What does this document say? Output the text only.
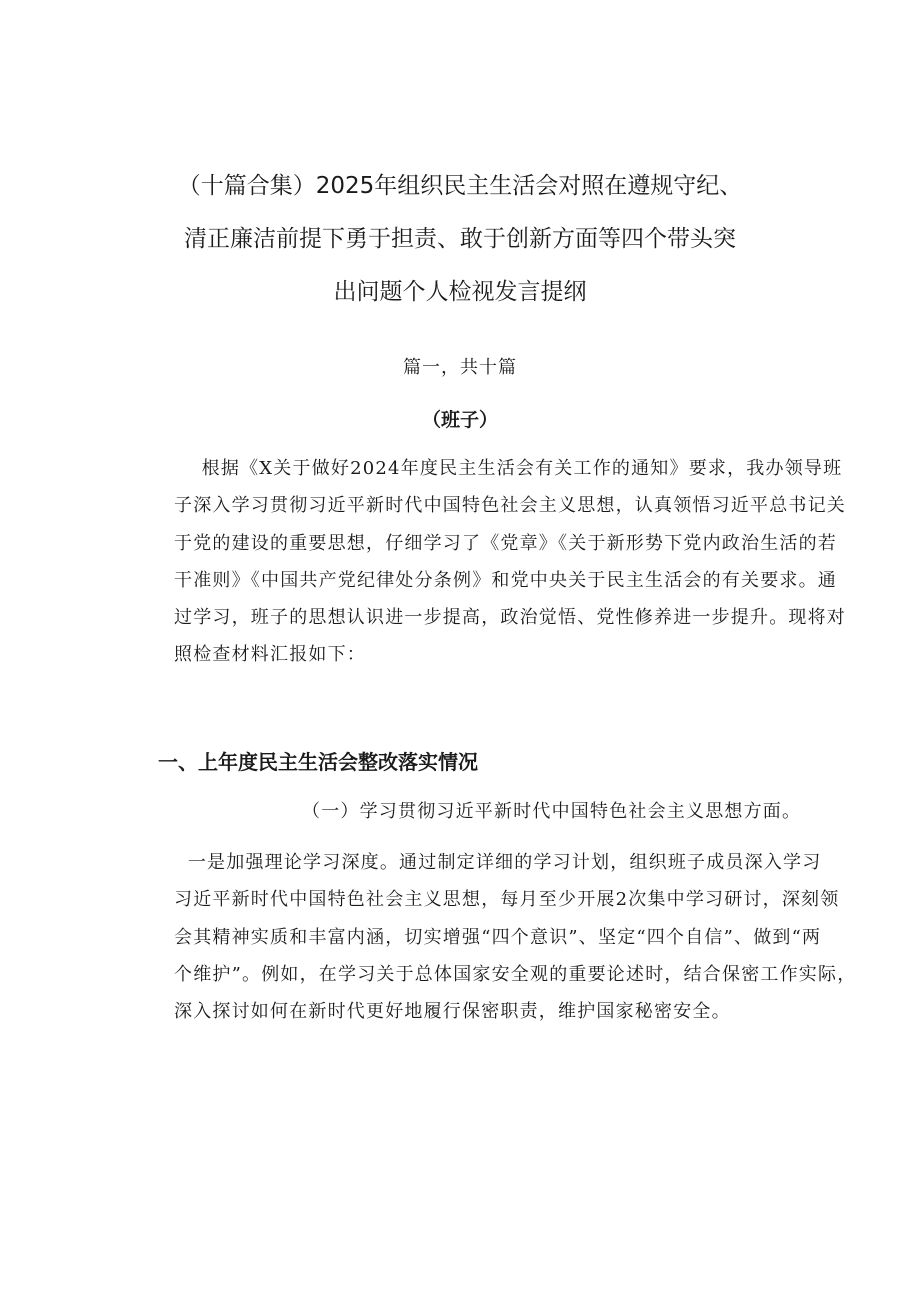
（十篇合集）2025年组织民主生活会对照在遵规守纪、
清正廉洁前提下勇于担责、敢于创新方面等四个带头突
出问题个人检视发言提纲
篇一，共十篇
（班子）
根据《X关于做好2024年度民主生活会有关工作的通知》要求，我办领导班
子深入学习贯彻习近平新时代中国特色社会主义思想，认真领悟习近平总书记关
于党的建设的重要思想，仔细学习了《党章》《关于新形势下党内政治生活的若
干准则》《中国共产党纪律处分条例》和党中央关于民主生活会的有关要求。通
过学习，班子的思想认识进一步提高，政治觉悟、党性修养进一步提升。现将对
照检查材料汇报如下：
一、上年度民主生活会整改落实情况
（一）学习贯彻习近平新时代中国特色社会主义思想方面。
一是加强理论学习深度。通过制定详细的学习计划，组织班子成员深入学习
习近平新时代中国特色社会主义思想，每月至少开展2次集中学习研讨，深刻领
会其精神实质和丰富内涵，切实增强“四个意识”、坚定“四个自信”、做到“两
个维护”。例如，在学习关于总体国家安全观的重要论述时，结合保密工作实际，
深入探讨如何在新时代更好地履行保密职责，维护国家秘密安全。
